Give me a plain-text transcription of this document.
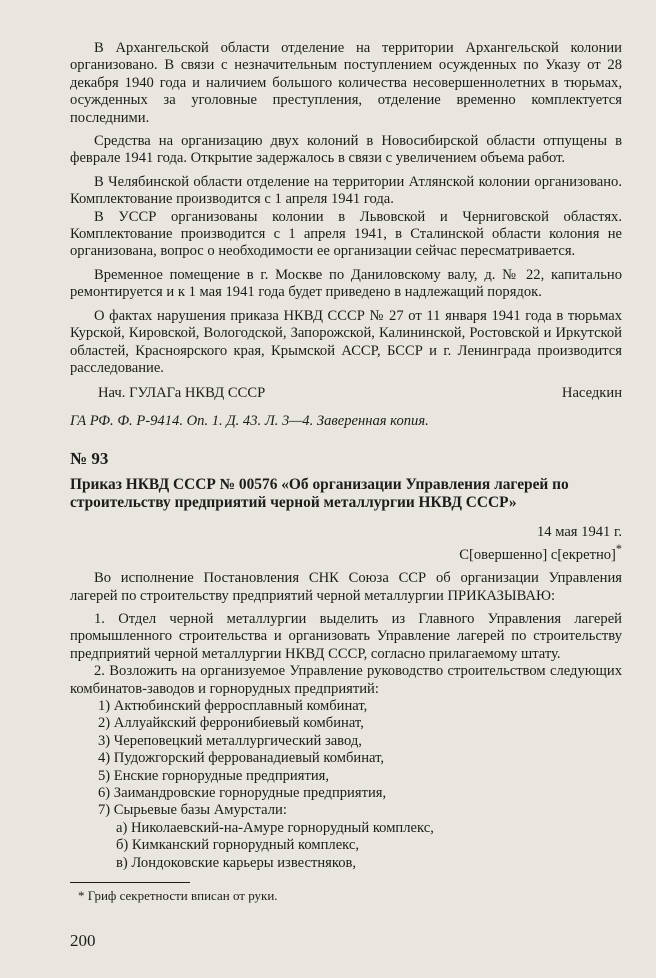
В Архангельской области отделение на территории Архангельской колонии организовано. В связи с незначительным поступлением осужденных по Указу от 28 декабря 1940 года и наличием большого количества несовершеннолетних в тюрьмах, осужденных за уголовные преступления, отделение временно комплектуется последними.

Средства на организацию двух колоний в Новосибирской области отпущены в феврале 1941 года. Открытие задержалось в связи с увеличением объема работ.

В Челябинской области отделение на территории Атлянской колонии организовано. Комплектование производится с 1 апреля 1941 года.

В УССР организованы колонии в Львовской и Черниговской областях. Комплектование производится с 1 апреля 1941, в Сталинской области колония не организована, вопрос о необходимости ее организации сейчас пересматривается.

Временное помещение в г. Москве по Даниловскому валу, д. № 22, капитально ремонтируется и к 1 мая 1941 года будет приведено в надлежащий порядок.

О фактах нарушения приказа НКВД СССР № 27 от 11 января 1941 года в тюрьмах Курской, Кировской, Вологодской, Запорожской, Калининской, Ростовской и Иркутской областей, Красноярского края, Крымской АССР, БССР и г. Ленинграда производится расследование.

Нач. ГУЛАГа НКВД СССР	Наседкин

ГА РФ. Ф. Р-9414. Оп. 1. Д. 43. Л. 3—4. Заверенная копия.

№ 93

Приказ НКВД СССР № 00576 «Об организации Управления лагерей по строительству предприятий черной металлургии НКВД СССР»

14 мая 1941 г.

С[овершенно] с[екретно]*

Во исполнение Постановления СНК Союза ССР об организации Управления лагерей по строительству предприятий черной металлургии ПРИКАЗЫВАЮ:

1. Отдел черной металлургии выделить из Главного Управления лагерей промышленного строительства и организовать Управление лагерей по строительству предприятий черной металлургии НКВД СССР, согласно прилагаемому штату.

2. Возложить на организуемое Управление руководство строительством следующих комбинатов-заводов и горнорудных предприятий:

1) Актюбинский ферросплавный комбинат,
2) Аллуайкский ферронибиевый комбинат,
3) Череповецкий металлургический завод,
4) Пудожгорский феррованадиевый комбинат,
5) Енские горнорудные предприятия,
6) Заимандровские горнорудные предприятия,
7) Сырьевые базы Амурстали:
а) Николаевский-на-Амуре горнорудный комплекс,
б) Кимканский горнорудный комплекс,
в) Лондоковские карьеры известняков,

* Гриф секретности вписан от руки.

200
